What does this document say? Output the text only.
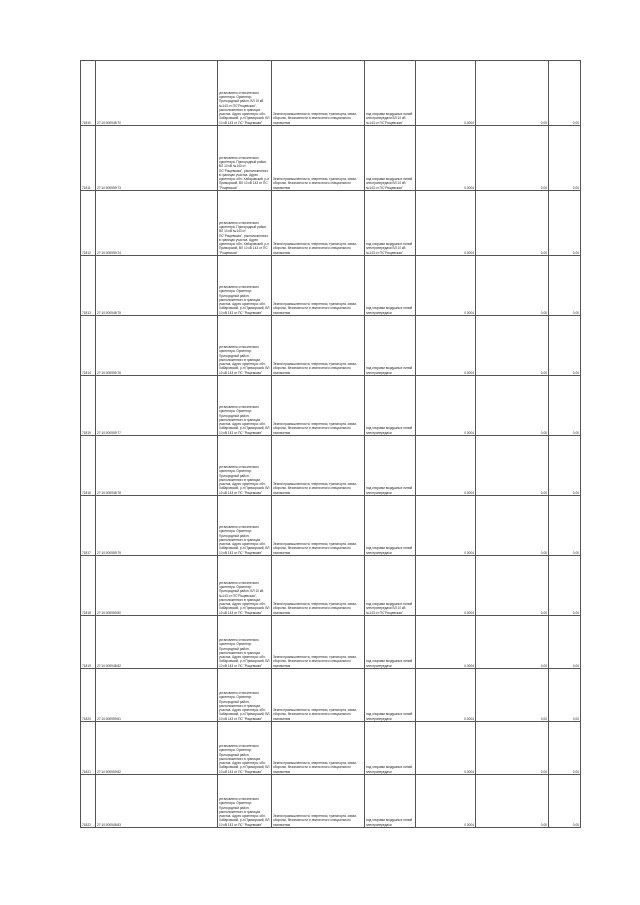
71810	27:10:000948:70	установлено относительно ориентира. Ориентир: Пригородный район, ВЛ 10 кВ №143 от ПС"Рощевская", расположенного в границах участка. Адрес ориентира: обл. Хабаровский, р-н Приморский, ВЛ 10 кВ 143 от ПС "Рощевская"	Земли промышленности, энергетики, транспорта, связи, обороны, безопасности и земли иного специального назначения	под опорами воздушных линий электропередачи ВЛ 10 кВ №143 от ПС"Рощевская"	0.0004	0,00	0,00

71811	27:10:000959:73	установлено относительно ориентира. Пригородный район, ВЛ 10 кВ №143 от ПС"Рощевская", расположенного в границах участка. Адрес ориентира: обл. Хабаровский, р-н Приморский, ВЛ 10 кВ 143 от ПС "Рощевская"	Земли промышленности, энергетики, транспорта, связи, обороны, безопасности и земли иного специального назначения	под опорами воздушных линий электропередачи ВЛ 10 кВ №143 от ПС"Рощевская"	0.0004	0,00	0,00

71812	27:10:000959:74	установлено относительно ориентира. Пригородный район, ВЛ 10 кВ №143 от ПС"Рощевская", расположенного в границах участка. Адрес ориентира: обл. Хабаровский, р-н Приморский, ВЛ 10 кВ 143 от ПС "Рощевская"	Земли промышленности, энергетики, транспорта, связи, обороны, безопасности и земли иного специального назначения	под опорами воздушных линий электропередачи ВЛ 10 кВ №143 от ПС"Рощевская"	0.0004	0,00	0,00

71813	27:10:000948:75	установлено относительно ориентира. Ориентир: Пригородный район, расположенного в границах участка. Адрес ориентира: обл. Хабаровский, р-н Приморский, ВЛ 10 кВ 143 от ПС "Рощевская"	Земли промышленности, энергетики, транспорта, связи, обороны, безопасности и земли иного специального назначения	под опорами воздушных линий электропередачи	0.0004	0,00	0,00

71814	27:10:000959:76	установлено относительно ориентира. Ориентир: Пригородный район, расположенного в границах участка. Адрес ориентира: обл. Хабаровский, р-н Приморский, ВЛ 10 кВ 143 от ПС "Рощевская"	Земли промышленности, энергетики, транспорта, связи, обороны, безопасности и земли иного специального назначения	под опорами воздушных линий электропередачи	0.0004	0,00	0,00

71815	27:10:000959:77	установлено относительно ориентира. Ориентир: Пригородный район, расположенного в границах участка. Адрес ориентира: обл. Хабаровский, р-н Приморский, ВЛ 10 кВ 143 от ПС "Рощевская"	Земли промышленности, энергетики, транспорта, связи, обороны, безопасности и земли иного специального назначения	под опорами воздушных линий электропередачи	0.0004	0,00	0,00

71816	27:10:000948:78	установлено относительно ориентира. Ориентир: Пригородный район, расположенного в границах участка. Адрес ориентира: обл. Хабаровский, р-н Приморский, ВЛ 10 кВ 143 от ПС "Рощевская"	Земли промышленности, энергетики, транспорта, связи, обороны, безопасности и земли иного специального назначения	под опорами воздушных линий электропередачи	0.0004	0,00	0,00

71817	27:10:000959:79	установлено относительно ориентира. Ориентир: Пригородный район, расположенного в границах участка. Адрес ориентира: обл. Хабаровский, р-н Приморский, ВЛ 10 кВ 143 от ПС "Рощевская"	Земли промышленности, энергетики, транспорта, связи, обороны, безопасности и земли иного специального назначения	под опорами воздушных линий электропередачи	0.0004	0,00	0,00

71818	27:10:000959:80	установлено относительно ориентира. Ориентир: Пригородный район, ВЛ 10 кВ №143 от ПС"Рощевская", расположенного в границах участка. Адрес ориентира: обл. Хабаровский, р-н Приморский, ВЛ 10 кВ 143 от ПС "Рощевская"	Земли промышленности, энергетики, транспорта, связи, обороны, безопасности и земли иного специального назначения	под опорами воздушных линий электропередачи ВЛ 10 кВ №143 от ПС"Рощевская"	0.0004	0,00	0,00

71819	27:10:000948:82	установлено относительно ориентира. Ориентир: Пригородный район, расположенного в границах участка. Адрес ориентира: обл. Хабаровский, р-н Приморский, ВЛ 10 кВ 143 от ПС "Рощевская"	Земли промышленности, энергетики, транспорта, связи, обороны, безопасности и земли иного специального назначения	под опорами воздушных линий электропередачи	0.0004	0,00	0,00

71820	27:10:000959:81	установлено относительно ориентира. Ориентир: Пригородный район, расположенного в границах участка. Адрес ориентира: обл. Хабаровский, р-н Приморский, ВЛ 10 кВ 143 от ПС "Рощевская"	Земли промышленности, энергетики, транспорта, связи, обороны, безопасности и земли иного специального назначения	под опорами воздушных линий электропередачи	0.0004	0,00	0,00

71821	27:10:000959:82	установлено относительно ориентира. Ориентир: Пригородный район, расположенного в границах участка. Адрес ориентира: обл. Хабаровский, р-н Приморский, ВЛ 10 кВ 143 от ПС "Рощевская"	Земли промышленности, энергетики, транспорта, связи, обороны, безопасности и земли иного специального назначения	под опорами воздушных линий электропередачи	0.0004	0,00	0,00

71822	27:10:000948:83	установлено относительно ориентира. Ориентир: Пригородный район, расположенного в границах участка. Адрес ориентира: обл. Хабаровский, р-н Приморский, ВЛ 10 кВ 143 от ПС "Рощевская"	Земли промышленности, энергетики, транспорта, связи, обороны, безопасности и земли иного специального назначения	под опорами воздушных линий электропередачи	0.0004	0,00	0,00
